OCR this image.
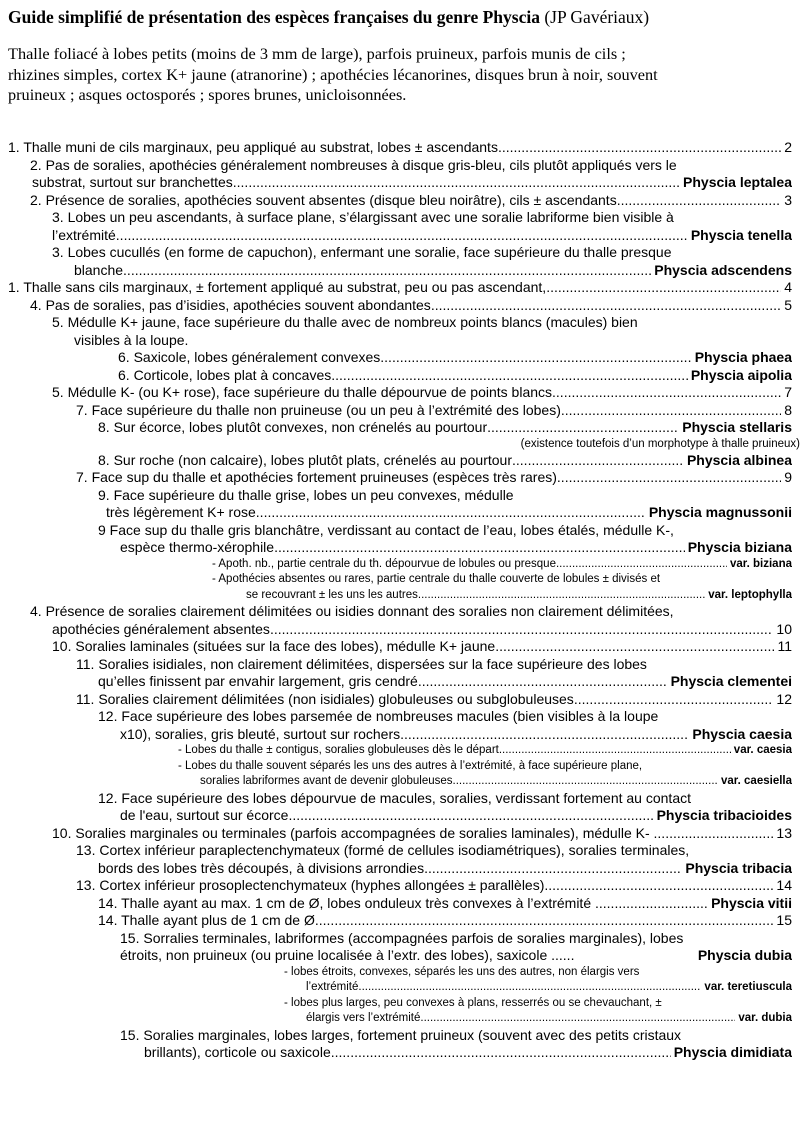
Guide simplifié de présentation des espèces françaises du genre Physcia (JP Gavériaux)
Thalle foliacé à lobes petits (moins de 3 mm de large), parfois pruineux, parfois munis de cils ;
rhizines simples, cortex K+ jaune (atranorine) ; apothécies lécanorines, disques brun à noir, souvent
pruineux ; asques octosporés ; spores brunes, unicloisonnées.
1. Thalle muni de cils marginaux, peu appliqué au substrat, lobes ± ascendants .....	2
2. Pas de soralies, apothécies généralement nombreuses à disque gris-bleu, cils plutôt appliqués vers le
substrat, surtout sur branchettes .....	Physcia leptalea
2. Présence de soralies, apothécies souvent absentes (disque bleu noirâtre), cils ± ascendants .....	3
3. Lobes un peu ascendants, à surface plane, s’élargissant avec une soralie labriforme bien visible à
l’extrémité .....	Physcia tenella
3. Lobes cucullés (en forme de capuchon), enfermant une soralie, face supérieure du thalle presque
blanche .....	Physcia adscendens
1. Thalle sans cils marginaux, ± fortement appliqué au substrat, peu ou pas ascendant, .....	4
4. Pas de soralies, pas d’isidies, apothécies souvent abondantes .....	5
5. Médulle K+ jaune, face supérieure du thalle avec de nombreux points blancs (macules) bien
visibles à la loupe.
6. Saxicole, lobes généralement convexes .....	Physcia phaea
6. Corticole, lobes plat à concaves .....	Physcia aipolia
5. Médulle K- (ou K+ rose), face supérieure du thalle dépourvue de points blancs .....	7
7. Face supérieure du thalle non pruineuse (ou un peu à l’extrémité des lobes) .....	8
8. Sur écorce, lobes plutôt convexes, non crénelés au pourtour .....	Physcia stellaris
(existence toutefois d’un morphotype à thalle pruineux)
8. Sur roche (non calcaire), lobes plutôt plats, crénelés au pourtour .....	Physcia albinea
7. Face sup du thalle et apothécies fortement pruineuses (espèces très rares) .....	9
9. Face supérieure du thalle grise, lobes un peu convexes, médulle
très légèrement K+ rose .....	Physcia magnussonii
9 Face sup du thalle gris blanchâtre, verdissant au contact de l’eau, lobes étalés, médulle K-,
espèce thermo-xérophile .....	Physcia biziana
- Apoth. nb., partie centrale du th. dépourvue de lobules ou presque .....	var. biziana
- Apothécies absentes ou rares, partie centrale du thalle couverte de lobules ± divisés et
se recouvrant ± les uns les autres .....	var. leptophylla
4. Présence de soralies clairement délimitées ou isidies donnant des soralies non clairement délimitées,
apothécies généralement absentes .....	10
10. Soralies laminales (situées sur la face des lobes), médulle K+ jaune .....	11
11. Soralies isidiales, non clairement délimitées, dispersées sur la face supérieure des lobes
qu’elles finissent par envahir largement, gris cendré .....	Physcia clementei
11. Soralies clairement délimitées (non isidiales) globuleuses ou subglobuleuses .....	12
12. Face supérieure des lobes parsemée de nombreuses macules (bien visibles à la loupe
x10), soralies, gris bleuté, surtout sur rochers .....	Physcia caesia
- Lobes du thalle ± contigus, soralies globuleuses dès le départ .....	var. caesia
- Lobes du thalle souvent séparés les uns des autres à l’extrémité, à face supérieure plane,
soralies labriformes avant de devenir globuleuses .....	var. caesiella
12. Face supérieure des lobes dépourvue de macules, soralies, verdissant fortement au contact
de l'eau, surtout sur écorce .....	Physcia tribacioides
10. Soralies marginales ou terminales (parfois accompagnées de soralies laminales), médulle K- ... .....	13
13. Cortex inférieur paraplectenchymateux (formé de cellules isodiamétriques), soralies terminales,
bords des lobes très découpés, à divisions arrondies .....	Physcia tribacia
13. Cortex inférieur prosoplectenchymateux (hyphes allongées ± parallèles) .....	14
14. Thalle ayant au max. 1 cm de Ø, lobes onduleux très convexes à l’extrémité .. .....	Physcia vitii
14. Thalle ayant plus de 1 cm de Ø .....	15
15. Sorralies terminales, labriformes (accompagnées parfois de soralies marginales), lobes
étroits, non pruineux (ou pruine localisée à l’extr. des lobes), saxicole ......	Physcia dubia
- lobes étroits, convexes, séparés les uns des autres, non élargis vers
l’extrémité .....	var. teretiuscula
- lobes plus larges, peu convexes à plans, resserrés ou se chevauchant, ±
élargis vers l’extrémité .....	var. dubia
15. Soralies marginales, lobes larges, fortement pruineux (souvent avec des petits cristaux
brillants), corticole ou saxicole .....	Physcia dimidiata
